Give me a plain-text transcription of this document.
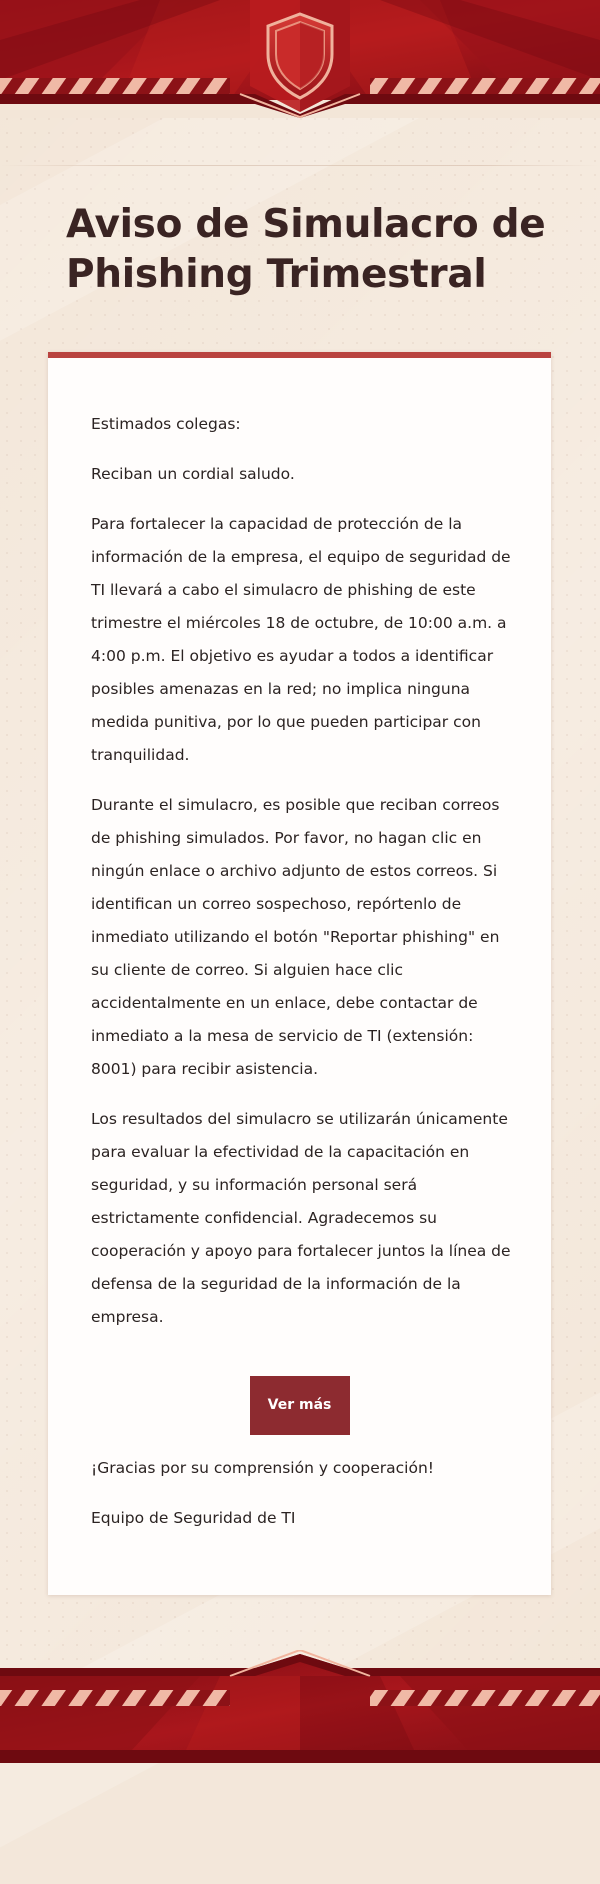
Aviso de Simulacro de Phishing Trimestral

Estimados colegas:

Reciban un cordial saludo.

Para fortalecer la capacidad de protección de la información de la empresa, el equipo de seguridad de TI llevará a cabo el simulacro de phishing de este trimestre el miércoles 18 de octubre, de 10:00 a.m. a 4:00 p.m. El objetivo es ayudar a todos a identificar posibles amenazas en la red; no implica ninguna medida punitiva, por lo que pueden participar con tranquilidad.

Durante el simulacro, es posible que reciban correos de phishing simulados. Por favor, no hagan clic en ningún enlace o archivo adjunto de estos correos. Si identifican un correo sospechoso, repórtenlo de inmediato utilizando el botón "Reportar phishing" en su cliente de correo. Si alguien hace clic accidentalmente en un enlace, debe contactar de inmediato a la mesa de servicio de TI (extensión: 8001) para recibir asistencia.

Los resultados del simulacro se utilizarán únicamente para evaluar la efectividad de la capacitación en seguridad, y su información personal será estrictamente confidencial. Agradecemos su cooperación y apoyo para fortalecer juntos la línea de defensa de la seguridad de la información de la empresa.

Ver más

¡Gracias por su comprensión y cooperación!

Equipo de Seguridad de TI
